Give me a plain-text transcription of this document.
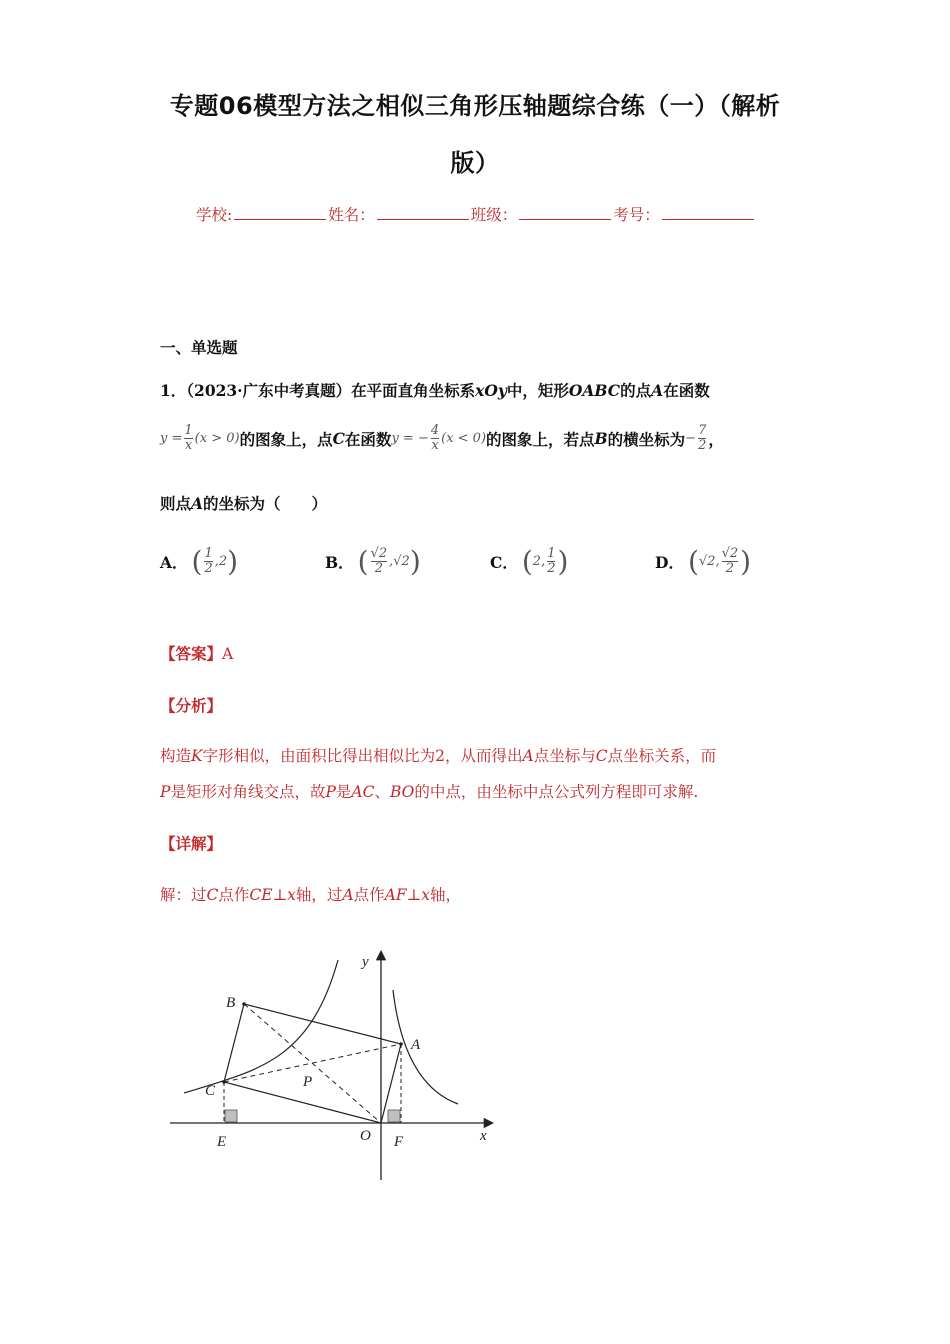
专题06模型方法之相似三角形压轴题综合练（一）（解析
版）
学校:	姓名：	班级：	考号：
一、单选题
1．（2023·广东中考真题）在平面直角坐标系xOy中，矩形OABC的点A在函数
$y = \frac{1}{x} (x > 0)$ 的图象上，点 C 在函数 y = − $\frac{4}{x} (x < 0)$ 的图象上，若点 B 的横坐标为 − $\frac{7}{2}$ ，
则点A的坐标为（　　）
A． ( $\frac{1}{2}$ , 2 )	B． ( $\frac{√2}{2}$ , √2 )	C． ( 2 , $\frac{1}{2}$ )	D． ( √2 , $\frac{√2}{2}$ )
【答案】A
【分析】
构造K字形相似，由面积比得出相似比为2，从而得出A点坐标与C点坐标关系，而
P是矩形对角线交点，故P是AC、BO的中点，由坐标中点公式列方程即可求解.
【详解】
解：过C点作CE⊥x轴，过A点作AF⊥x轴，
B
A
C
P
O
E	F	x
y
